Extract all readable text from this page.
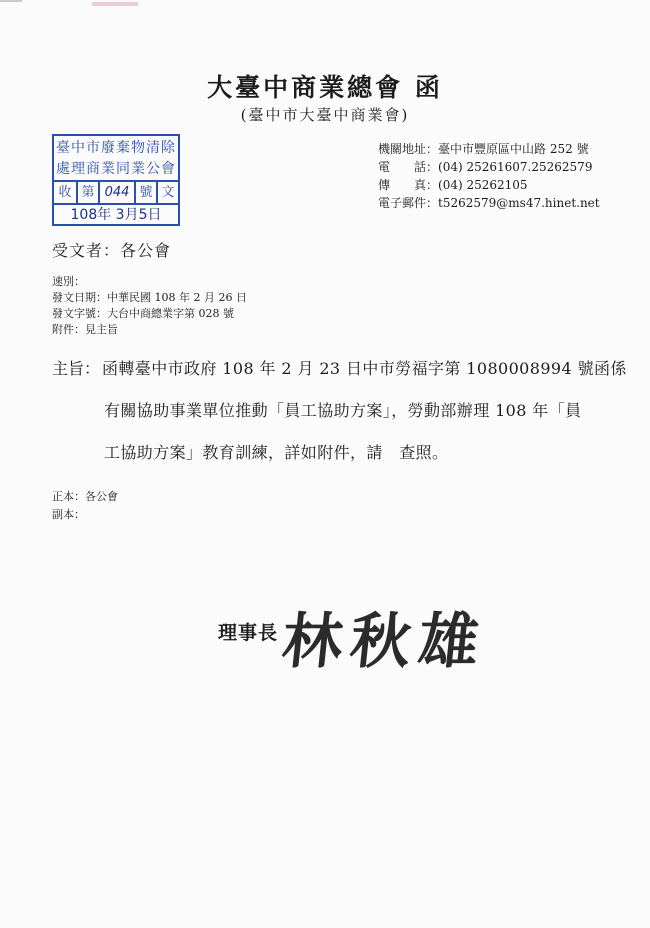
大臺中商業總會 函
(臺中市大臺中商業會)
臺中市廢棄物清除
處理商業同業公會
收 第 044 號 文
108年 3月5日
機關地址 ： 臺中市豐原區中山路 252 號
電　　話 ： (04) 25261607.25262579
傳　　真 ： (04) 25262105
電子郵件 ： t5262579@ms47.hinet.net
受文者：各公會
速別：
發文日期：中華民國 108 年 2 月 26 日
發文字號：大台中商總業字第 028 號
附件：見主旨
主旨： 函轉臺中市政府 108 年 2 月 23 日中市勞福字第 1080008994 號函係
有關協助事業單位推動「員工協助方案」，勞動部辦理 108 年「員
工協助方案」教育訓練，詳如附件，請　查照。
正本：各公會
副本：
理事長 林秋雄
